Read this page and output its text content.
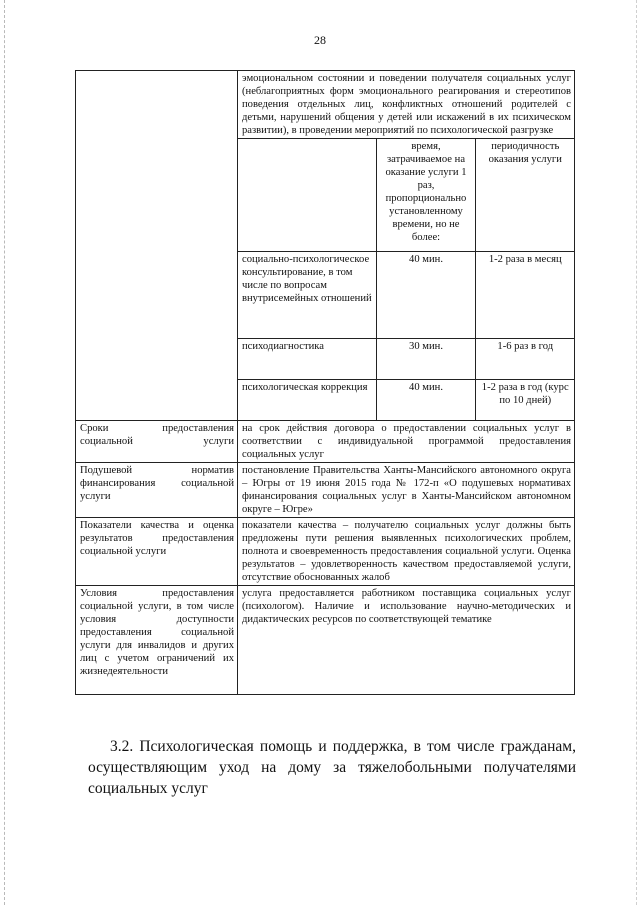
28

эмоциональном состоянии и поведении получателя социальных услуг (неблагоприятных форм эмоционального реагирования и стереотипов поведения отдельных лиц, конфликтных отношений родителей с детьми, нарушений общения у детей или искажений в их психическом развитии), в проведении мероприятий по психологической разгрузке
	время, затрачиваемое на оказание услуги 1 раз, пропорционально установленному времени, но не более:	периодичность оказания услуги
социально-психологическое консультирование, в том числе по вопросам внутрисемейных отношений	40 мин.	1-2 раза в месяц
психодиагностика	30 мин.	1-6 раз в год
психологическая коррекция	40 мин.	1-2 раза в год (курс по 10 дней)

Сроки предоставления социальной услуги	на срок действия договора о предоставлении социальных услуг в соответствии с индивидуальной программой предоставления социальных услуг
Подушевой норматив финансирования социальной услуги	постановление Правительства Ханты-Мансийского автономного округа – Югры от 19 июня 2015 года № 172-п «О подушевых нормативах финансирования социальных услуг в Ханты-Мансийском автономном округе – Югре»
Показатели качества и оценка результатов предоставления социальной услуги	показатели качества – получателю социальных услуг должны быть предложены пути решения выявленных психологических проблем, полнота и своевременность предоставления социальной услуги. Оценка результатов – удовлетворенность качеством предоставляемой услуги, отсутствие обоснованных жалоб
Условия предоставления социальной услуги, в том числе условия доступности предоставления социальной услуги для инвалидов и других лиц с учетом ограничений их жизнедеятельности	услуга предоставляется работником поставщика социальных услуг (психологом). Наличие и использование научно-методических и дидактических ресурсов по соответствующей тематике
3.2. Психологическая помощь и поддержка, в том числе гражданам, осуществляющим уход на дому за тяжелобольными получателями социальных услуг
